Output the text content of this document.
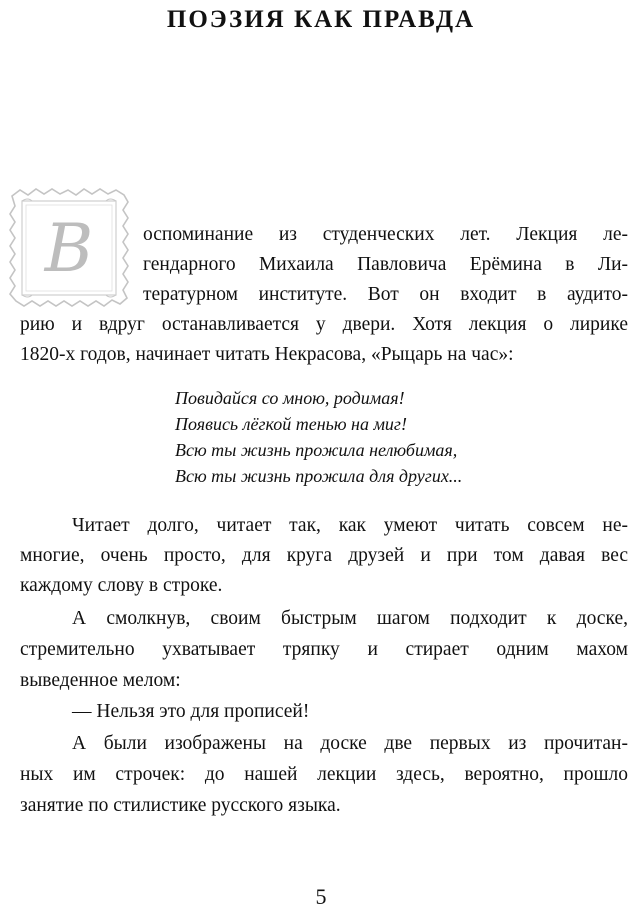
ПОЭЗИЯ КАК ПРАВДА
В	оспоминание из студенческих лет. Лекция ле-
гендарного Михаила Павловича Ерёмина в Ли-
тературном институте. Вот он входит в аудито-
рию и вдруг останавливается у двери. Хотя лекция о лирике
1820-х годов, начинает читать Некрасова, «Рыцарь на час»:
Повидайся со мною, родимая!
Появись лёгкой тенью на миг!
Всю ты жизнь прожила нелюбимая,
Всю ты жизнь прожила для других...
Читает долго, читает так, как умеют читать совсем не-
многие, очень просто, для круга друзей и при том давая вес
каждому слову в строке.
А смолкнув, своим быстрым шагом подходит к доске,
стремительно ухватывает тряпку и стирает одним махом
выведенное мелом:
— Нельзя это для прописей!
А были изображены на доске две первых из прочитан-
ных им строчек: до нашей лекции здесь, вероятно, прошло
занятие по стилистике русского языка.
5
